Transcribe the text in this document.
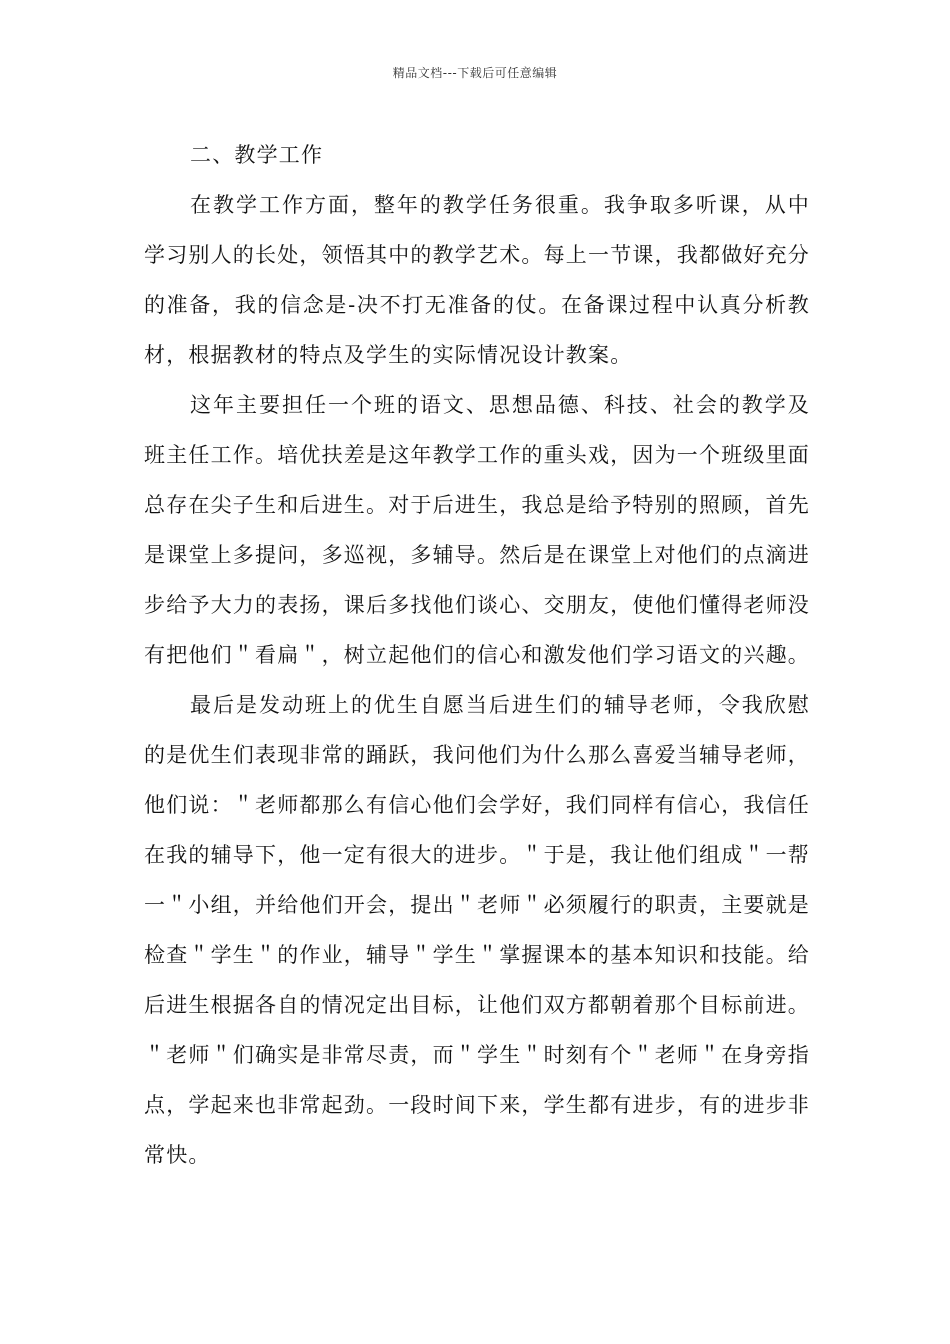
精品文档---下载后可任意编辑
二、教学工作

在教学工作方面，整年的教学任务很重。我争取多听课，从中学习别人的长处，领悟其中的教学艺术。每上一节课，我都做好充分的准备，我的信念是-决不打无准备的仗。在备课过程中认真分析教材，根据教材的特点及学生的实际情况设计教案。

这年主要担任一个班的语文、思想品德、科技、社会的教学及班主任工作。培优扶差是这年教学工作的重头戏，因为一个班级里面总存在尖子生和后进生。对于后进生，我总是给予特别的照顾，首先是课堂上多提问，多巡视，多辅导。然后是在课堂上对他们的点滴进步给予大力的表扬，课后多找他们谈心、交朋友，使他们懂得老师没有把他们＂看扁＂，树立起他们的信心和激发他们学习语文的兴趣。

最后是发动班上的优生自愿当后进生们的辅导老师，令我欣慰的是优生们表现非常的踊跃，我问他们为什么那么喜爱当辅导老师，他们说：＂老师都那么有信心他们会学好，我们同样有信心，我信任在我的辅导下，他一定有很大的进步。＂于是，我让他们组成＂一帮一＂小组，并给他们开会，提出＂老师＂必须履行的职责，主要就是检查＂学生＂的作业，辅导＂学生＂掌握课本的基本知识和技能。给后进生根据各自的情况定出目标，让他们双方都朝着那个目标前进。＂老师＂们确实是非常尽责，而＂学生＂时刻有个＂老师＂在身旁指点，学起来也非常起劲。一段时间下来，学生都有进步，有的进步非常快。
